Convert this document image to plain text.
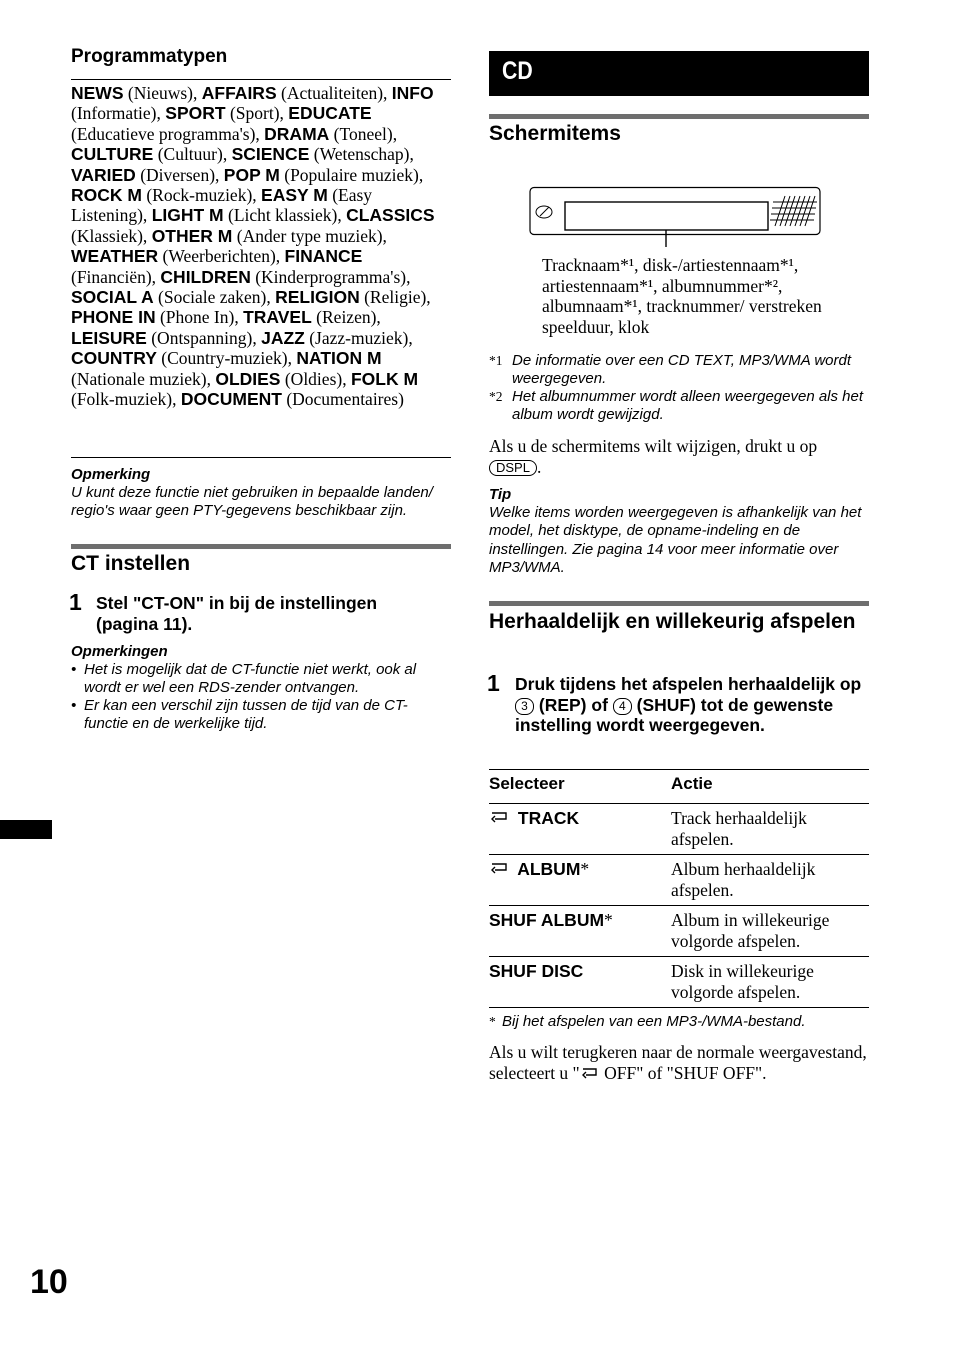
Programmatypen
NEWS (Nieuws), AFFAIRS (Actualiteiten), INFO (Informatie), SPORT (Sport), EDUCATE (Educatieve programma's), DRAMA (Toneel), CULTURE (Cultuur), SCIENCE (Wetenschap), VARIED (Diversen), POP M (Populaire muziek), ROCK M (Rock-muziek), EASY M (Easy Listening), LIGHT M (Licht klassiek), CLASSICS (Klassiek), OTHER M (Ander type muziek), WEATHER (Weerberichten), FINANCE (Financiën), CHILDREN (Kinderprogramma's), SOCIAL A (Sociale zaken), RELIGION (Religie), PHONE IN (Phone In), TRAVEL (Reizen), LEISURE (Ontspanning), JAZZ (Jazz-muziek), COUNTRY (Country-muziek), NATION M (Nationale muziek), OLDIES (Oldies), FOLK M (Folk-muziek), DOCUMENT (Documentaires)
Opmerking
U kunt deze functie niet gebruiken in bepaalde landen/ regio's waar geen PTY-gegevens beschikbaar zijn.
CT instellen
1 Stel "CT-ON" in bij de instellingen (pagina 11).
Opmerkingen
• Het is mogelijk dat de CT-functie niet werkt, ook al wordt er wel een RDS-zender ontvangen.
• Er kan een verschil zijn tussen de tijd van de CT-functie en de werkelijke tijd.
10
CD
Schermitems
Tracknaam*¹, disk-/artiestennaam*¹, artiestennaam*¹, albumnummer*², albumnaam*¹, tracknummer/ verstreken speelduur, klok
*1 De informatie over een CD TEXT, MP3/WMA wordt weergegeven.
*2 Het albumnummer wordt alleen weergegeven als het album wordt gewijzigd.
Als u de schermitems wilt wijzigen, drukt u op
DSPL .
Tip
Welke items worden weergegeven is afhankelijk van het model, het disktype, de opname-indeling en de instellingen. Zie pagina 14 voor meer informatie over MP3/WMA.
Herhaaldelijk en willekeurig afspelen
1 Druk tijdens het afspelen herhaaldelijk op 3 (REP) of 4 (SHUF) tot de gewenste instelling wordt weergegeven.
Selecteer	Actie
TRACK	Track herhaaldelijk afspelen.
ALBUM*	Album herhaaldelijk afspelen.
SHUF ALBUM*	Album in willekeurige volgorde afspelen.
SHUF DISC	Disk in willekeurige volgorde afspelen.
* Bij het afspelen van een MP3-/WMA-bestand.
Als u wilt terugkeren naar de normale weergavestand, selecteert u " OFF" of "SHUF OFF".
